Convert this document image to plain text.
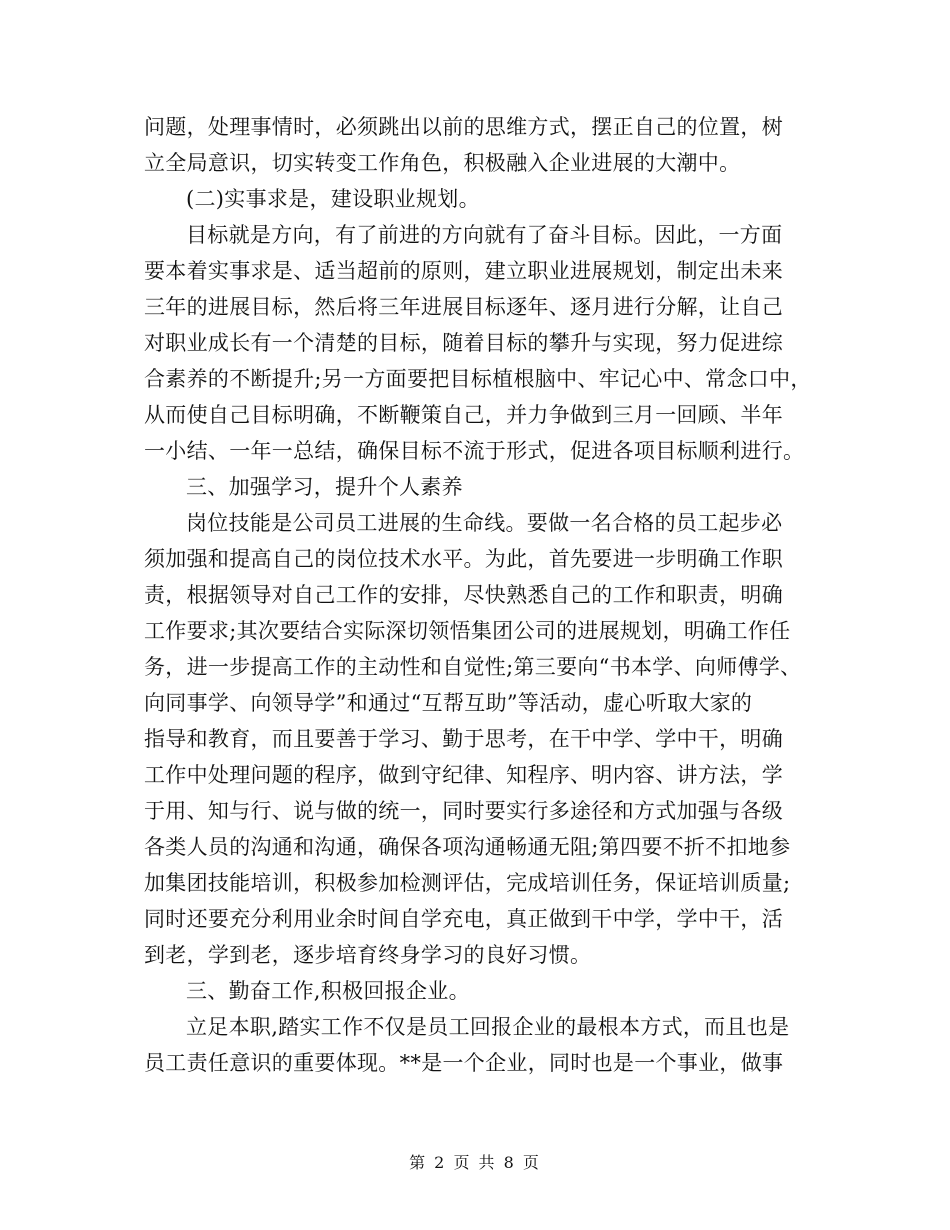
问题，处理事情时，必须跳出以前的思维方式，摆正自己的位置，树
立全局意识，切实转变工作角色，积极融入企业进展的大潮中。
(二)实事求是，建设职业规划。
目标就是方向，有了前进的方向就有了奋斗目标。因此，一方面
要本着实事求是、适当超前的原则，建立职业进展规划，制定出未来
三年的进展目标，然后将三年进展目标逐年、逐月进行分解，让自己
对职业成长有一个清楚的目标，随着目标的攀升与实现，努力促进综
合素养的不断提升;另一方面要把目标植根脑中、牢记心中、常念口中，
从而使自己目标明确，不断鞭策自己，并力争做到三月一回顾、半年
一小结、一年一总结，确保目标不流于形式，促进各项目标顺利进行。
三、加强学习，提升个人素养
岗位技能是公司员工进展的生命线。要做一名合格的员工起步必
须加强和提高自己的岗位技术水平。为此，首先要进一步明确工作职
责，根据领导对自己工作的安排，尽快熟悉自己的工作和职责，明确
工作要求;其次要结合实际深切领悟集团公司的进展规划，明确工作任
务，进一步提高工作的主动性和自觉性;第三要向“书本学、向师傅学、
向同事学、向领导学”和通过“互帮互助”等活动，虚心听取大家的
指导和教育，而且要善于学习、勤于思考，在干中学、学中干，明确
工作中处理问题的程序，做到守纪律、知程序、明内容、讲方法，学
于用、知与行、说与做的统一，同时要实行多途径和方式加强与各级
各类人员的沟通和沟通，确保各项沟通畅通无阻;第四要不折不扣地参
加集团技能培训，积极参加检测评估，完成培训任务，保证培训质量;
同时还要充分利用业余时间自学充电，真正做到干中学，学中干，活
到老，学到老，逐步培育终身学习的良好习惯。
三、勤奋工作,积极回报企业。
立足本职,踏实工作不仅是员工回报企业的最根本方式，而且也是
员工责任意识的重要体现。**是一个企业，同时也是一个事业，做事
第 2 页 共 8 页
